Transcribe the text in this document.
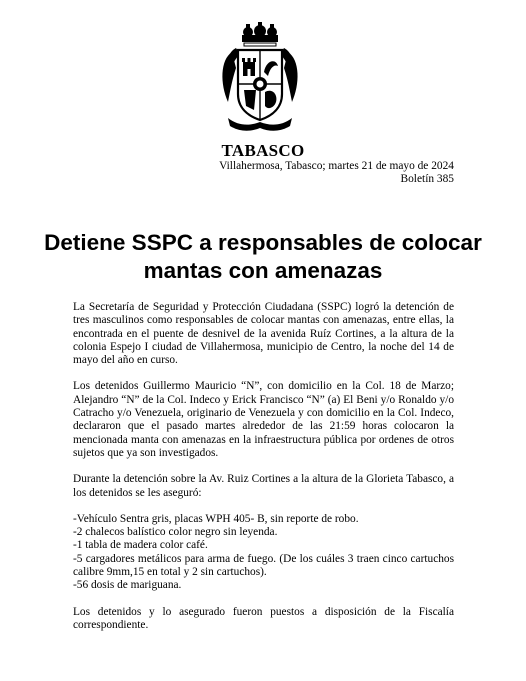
TABASCO
Villahermosa, Tabasco; martes 21 de mayo de 2024
Boletín 385
Detiene SSPC a responsables de colocar
mantas con amenazas

La Secretaría de Seguridad y Protección Ciudadana (SSPC) logró la detención de tres masculinos como responsables de colocar mantas con amenazas, entre ellas, la encontrada en el puente de desnivel de la avenida Ruíz Cortines, a la altura de la colonia Espejo I ciudad de Villahermosa, municipio de Centro, la noche del 14 de mayo del año en curso.

Los detenidos Guillermo Mauricio “N”, con domicilio en la Col. 18 de Marzo; Alejandro “N” de la Col. Indeco y Erick Francisco “N” (a) El Beni y/o Ronaldo y/o Catracho y/o Venezuela, originario de Venezuela y con domicilio en la Col. Indeco, declararon que el pasado martes alrededor de las 21:59 horas colocaron la mencionada manta con amenazas en la infraestructura pública por ordenes de otros sujetos que ya son investigados.

Durante la detención sobre la Av. Ruiz Cortines a la altura de la Glorieta Tabasco, a los detenidos se les aseguró:

-Vehículo Sentra gris, placas WPH 405- B, sin reporte de robo.
-2 chalecos balístico color negro sin leyenda.
-1 tabla de madera color café.
-5 cargadores metálicos para arma de fuego. (De los cuáles 3 traen cinco cartuchos calibre 9mm,15 en total y 2 sin cartuchos).
-56 dosis de mariguana.

Los detenidos y lo asegurado fueron puestos a disposición de la Fiscalía correspondiente.
